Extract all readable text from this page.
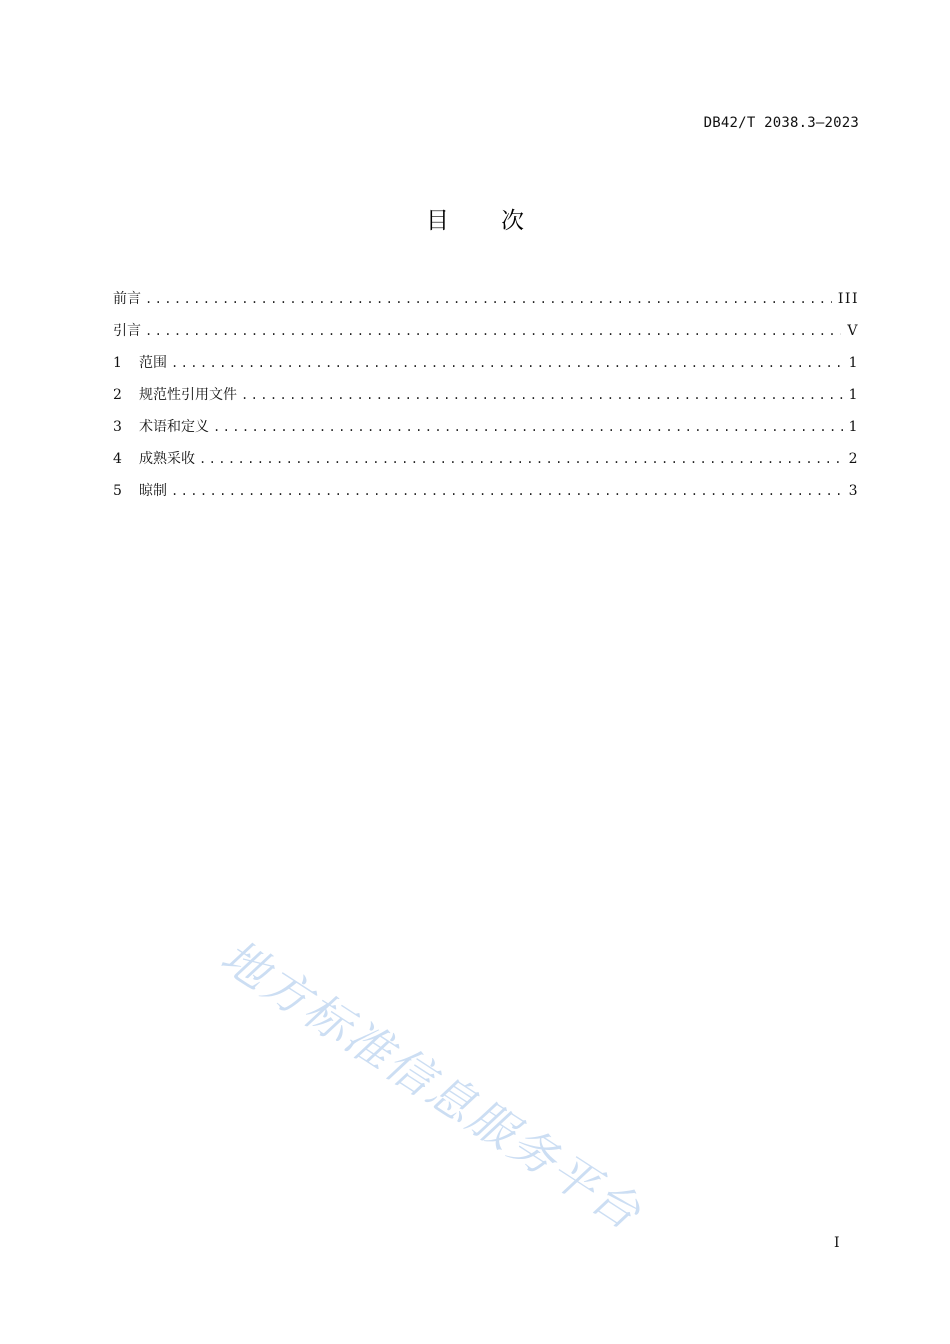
DB42/T 2038.3—2023
目 次
前言 .....	III
引言 .....	V
1	范围 .....	1
2	规范性引用文件 .....	1
3	术语和定义 .....	1
4	成熟采收 .....	2
5	晾制 .....	3
地方标准信息服务平台
I
